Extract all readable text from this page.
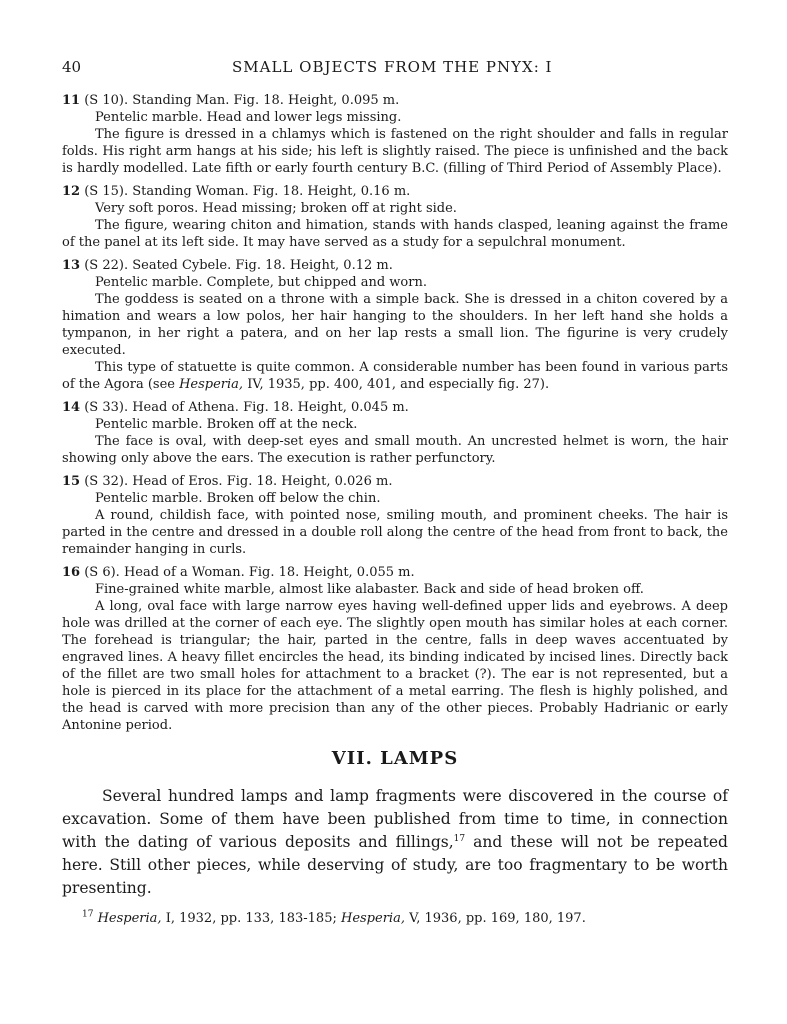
40	SMALL OBJECTS FROM THE PNYX: I

11 (S 10). Standing Man. Fig. 18. Height, 0.095 m.

Pentelic marble. Head and lower legs missing.

The figure is dressed in a chlamys which is fastened on the right shoulder and falls in regular folds. His right arm hangs at his side; his left is slightly raised. The piece is unfinished and the back is hardly modelled. Late fifth or early fourth century B.C. (filling of Third Period of Assembly Place).

12 (S 15). Standing Woman. Fig. 18. Height, 0.16 m.

Very soft poros. Head missing; broken off at right side.

The figure, wearing chiton and himation, stands with hands clasped, leaning against the frame of the panel at its left side. It may have served as a study for a sepulchral monument.

13 (S 22). Seated Cybele. Fig. 18. Height, 0.12 m.

Pentelic marble. Complete, but chipped and worn.

The goddess is seated on a throne with a simple back. She is dressed in a chiton covered by a himation and wears a low polos, her hair hanging to the shoulders. In her left hand she holds a tympanon, in her right a patera, and on her lap rests a small lion. The figurine is very crudely executed.

This type of statuette is quite common. A considerable number has been found in various parts of the Agora (see Hesperia, IV, 1935, pp. 400, 401, and especially fig. 27).

14 (S 33). Head of Athena. Fig. 18. Height, 0.045 m.

Pentelic marble. Broken off at the neck.

The face is oval, with deep-set eyes and small mouth. An uncrested helmet is worn, the hair showing only above the ears. The execution is rather perfunctory.

15 (S 32). Head of Eros. Fig. 18. Height, 0.026 m.

Pentelic marble. Broken off below the chin.

A round, childish face, with pointed nose, smiling mouth, and prominent cheeks. The hair is parted in the centre and dressed in a double roll along the centre of the head from front to back, the remainder hanging in curls.

16 (S 6). Head of a Woman. Fig. 18. Height, 0.055 m.

Fine-grained white marble, almost like alabaster. Back and side of head broken off.

A long, oval face with large narrow eyes having well-defined upper lids and eyebrows. A deep hole was drilled at the corner of each eye. The slightly open mouth has similar holes at each corner. The forehead is triangular; the hair, parted in the centre, falls in deep waves accentuated by engraved lines. A heavy fillet encircles the head, its binding indicated by incised lines. Directly back of the fillet are two small holes for attachment to a bracket (?). The ear is not represented, but a hole is pierced in its place for the attachment of a metal earring. The flesh is highly polished, and the head is carved with more precision than any of the other pieces. Probably Hadrianic or early Antonine period.

VII. LAMPS

Several hundred lamps and lamp fragments were discovered in the course of excavation. Some of them have been published from time to time, in connection with the dating of various deposits and fillings,$^{17}$ and these will not be repeated here. Still other pieces, while deserving of study, are too fragmentary to be worth presenting.

$^{17}$ Hesperia, I, 1932, pp. 133, 183-185; Hesperia, V, 1936, pp. 169, 180, 197.
